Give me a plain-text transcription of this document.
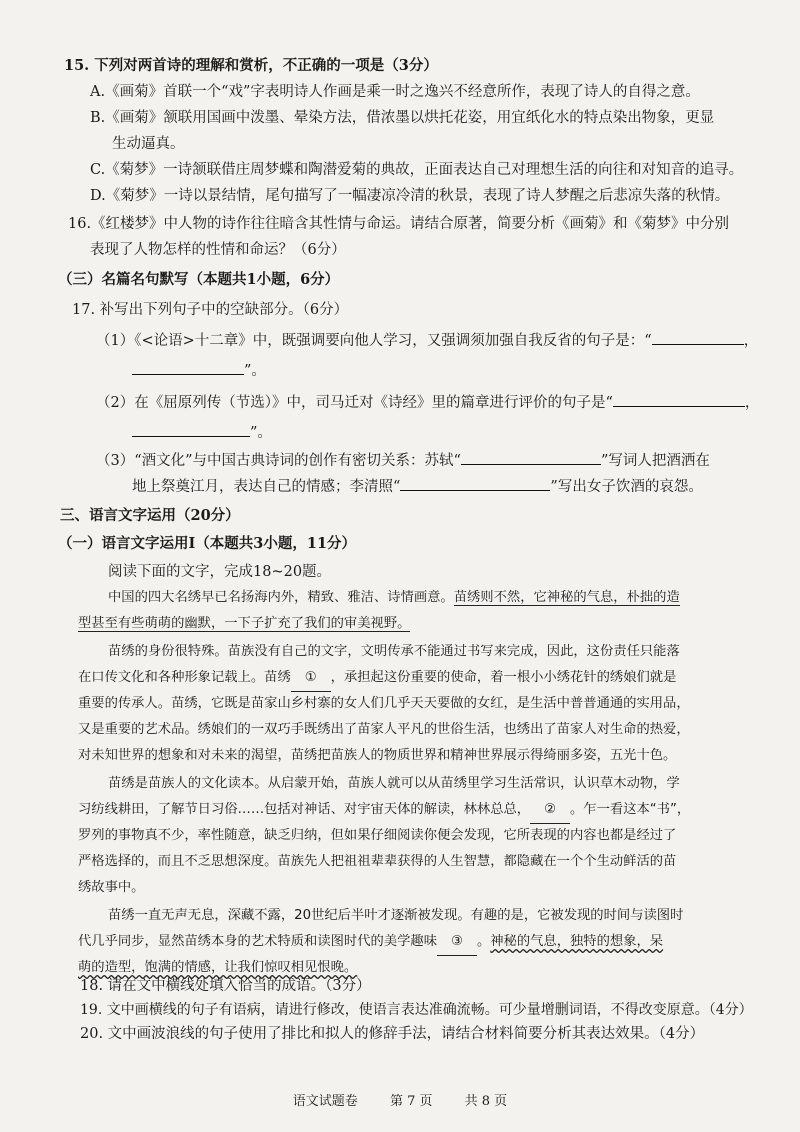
15. 下列对两首诗的理解和赏析，不正确的一项是（3分）
A.《画菊》首联一个“戏”字表明诗人作画是乘一时之逸兴不经意所作，表现了诗人的自得之意。
B.《画菊》颔联用国画中泼墨、晕染方法，借浓墨以烘托花姿，用宜纸化水的特点染出物象，更显
生动逼真。
C.《菊梦》一诗颔联借庄周梦蝶和陶潜爱菊的典故，正面表达自己对理想生活的向往和对知音的追寻。
D.《菊梦》一诗以景结情，尾句描写了一幅凄凉冷清的秋景，表现了诗人梦醒之后悲凉失落的秋情。
16.《红楼梦》中人物的诗作往往暗含其性情与命运。请结合原著，简要分析《画菊》和《菊梦》中分别
表现了人物怎样的性情和命运？（6分）
（三）名篇名句默写（本题共1小题，6分）
17. 补写出下列句子中的空缺部分。（6分）
（1）《<论语>十二章》中，既强调要向他人学习，又强调须加强自我反省的句子是：“	，
”。
（2）在《屈原列传（节选）》中，司马迁对《诗经》里的篇章进行评价的句子是“	，
”。
（3）“酒文化”与中国古典诗词的创作有密切关系：苏轼“	”写词人把酒洒在
地上祭奠江月，表达自己的情感；李清照“	”写出女子饮酒的哀怨。
三、语言文字运用（20分）
（一）语言文字运用Ⅰ（本题共3小题，11分）
阅读下面的文字，完成18~20题。
中国的四大名绣早已名扬海内外，精致、雅洁、诗情画意。苗绣则不然，它神秘的气息，朴拙的造
型甚至有些萌萌的幽默，一下子扩充了我们的审美视野。
苗绣的身份很特殊。苗族没有自己的文字，文明传承不能通过书写来完成，因此，这份责任只能落
在口传文化和各种形象记载上。苗绣 ① ，承担起这份重要的使命，着一根小小绣花针的绣娘们就是
重要的传承人。苗绣，它既是苗家山乡村寨的女人们几乎天天要做的女红，是生活中普普通通的实用品，
又是重要的艺术品。绣娘们的一双巧手既绣出了苗家人平凡的世俗生活，也绣出了苗家人对生命的热爱，
对未知世界的想象和对未来的渴望，苗绣把苗族人的物质世界和精神世界展示得绮丽多姿，五光十色。
苗绣是苗族人的文化读本。从启蒙开始，苗族人就可以从苗绣里学习生活常识，认识草木动物，学
习纺线耕田，了解节日习俗……包括对神话、对宇宙天体的解读，林林总总， ② 。乍一看这本“书”，
罗列的事物真不少，率性随意，缺乏归纳，但如果仔细阅读你便会发现，它所表现的内容也都是经过了
严格选择的，而且不乏思想深度。苗族先人把祖祖辈辈获得的人生智慧，都隐藏在一个个生动鲜活的苗
绣故事中。
苗绣一直无声无息，深藏不露，20世纪后半叶才逐渐被发现。有趣的是，它被发现的时间与读图时
代几乎同步，显然苗绣本身的艺术特质和读图时代的美学趣味 ③ 。神秘的气息，独特的想象，呆
萌的造型，饱满的情感，让我们惊叹相见恨晚。
18. 请在文中横线处填入恰当的成语。（3分）
19. 文中画横线的句子有语病，请进行修改，使语言表达准确流畅。可少量增删词语，不得改变原意。（4分）
20. 文中画波浪线的句子使用了排比和拟人的修辞手法，请结合材料简要分析其表达效果。（4分）
语文试题卷 第 7 页 共 8 页
